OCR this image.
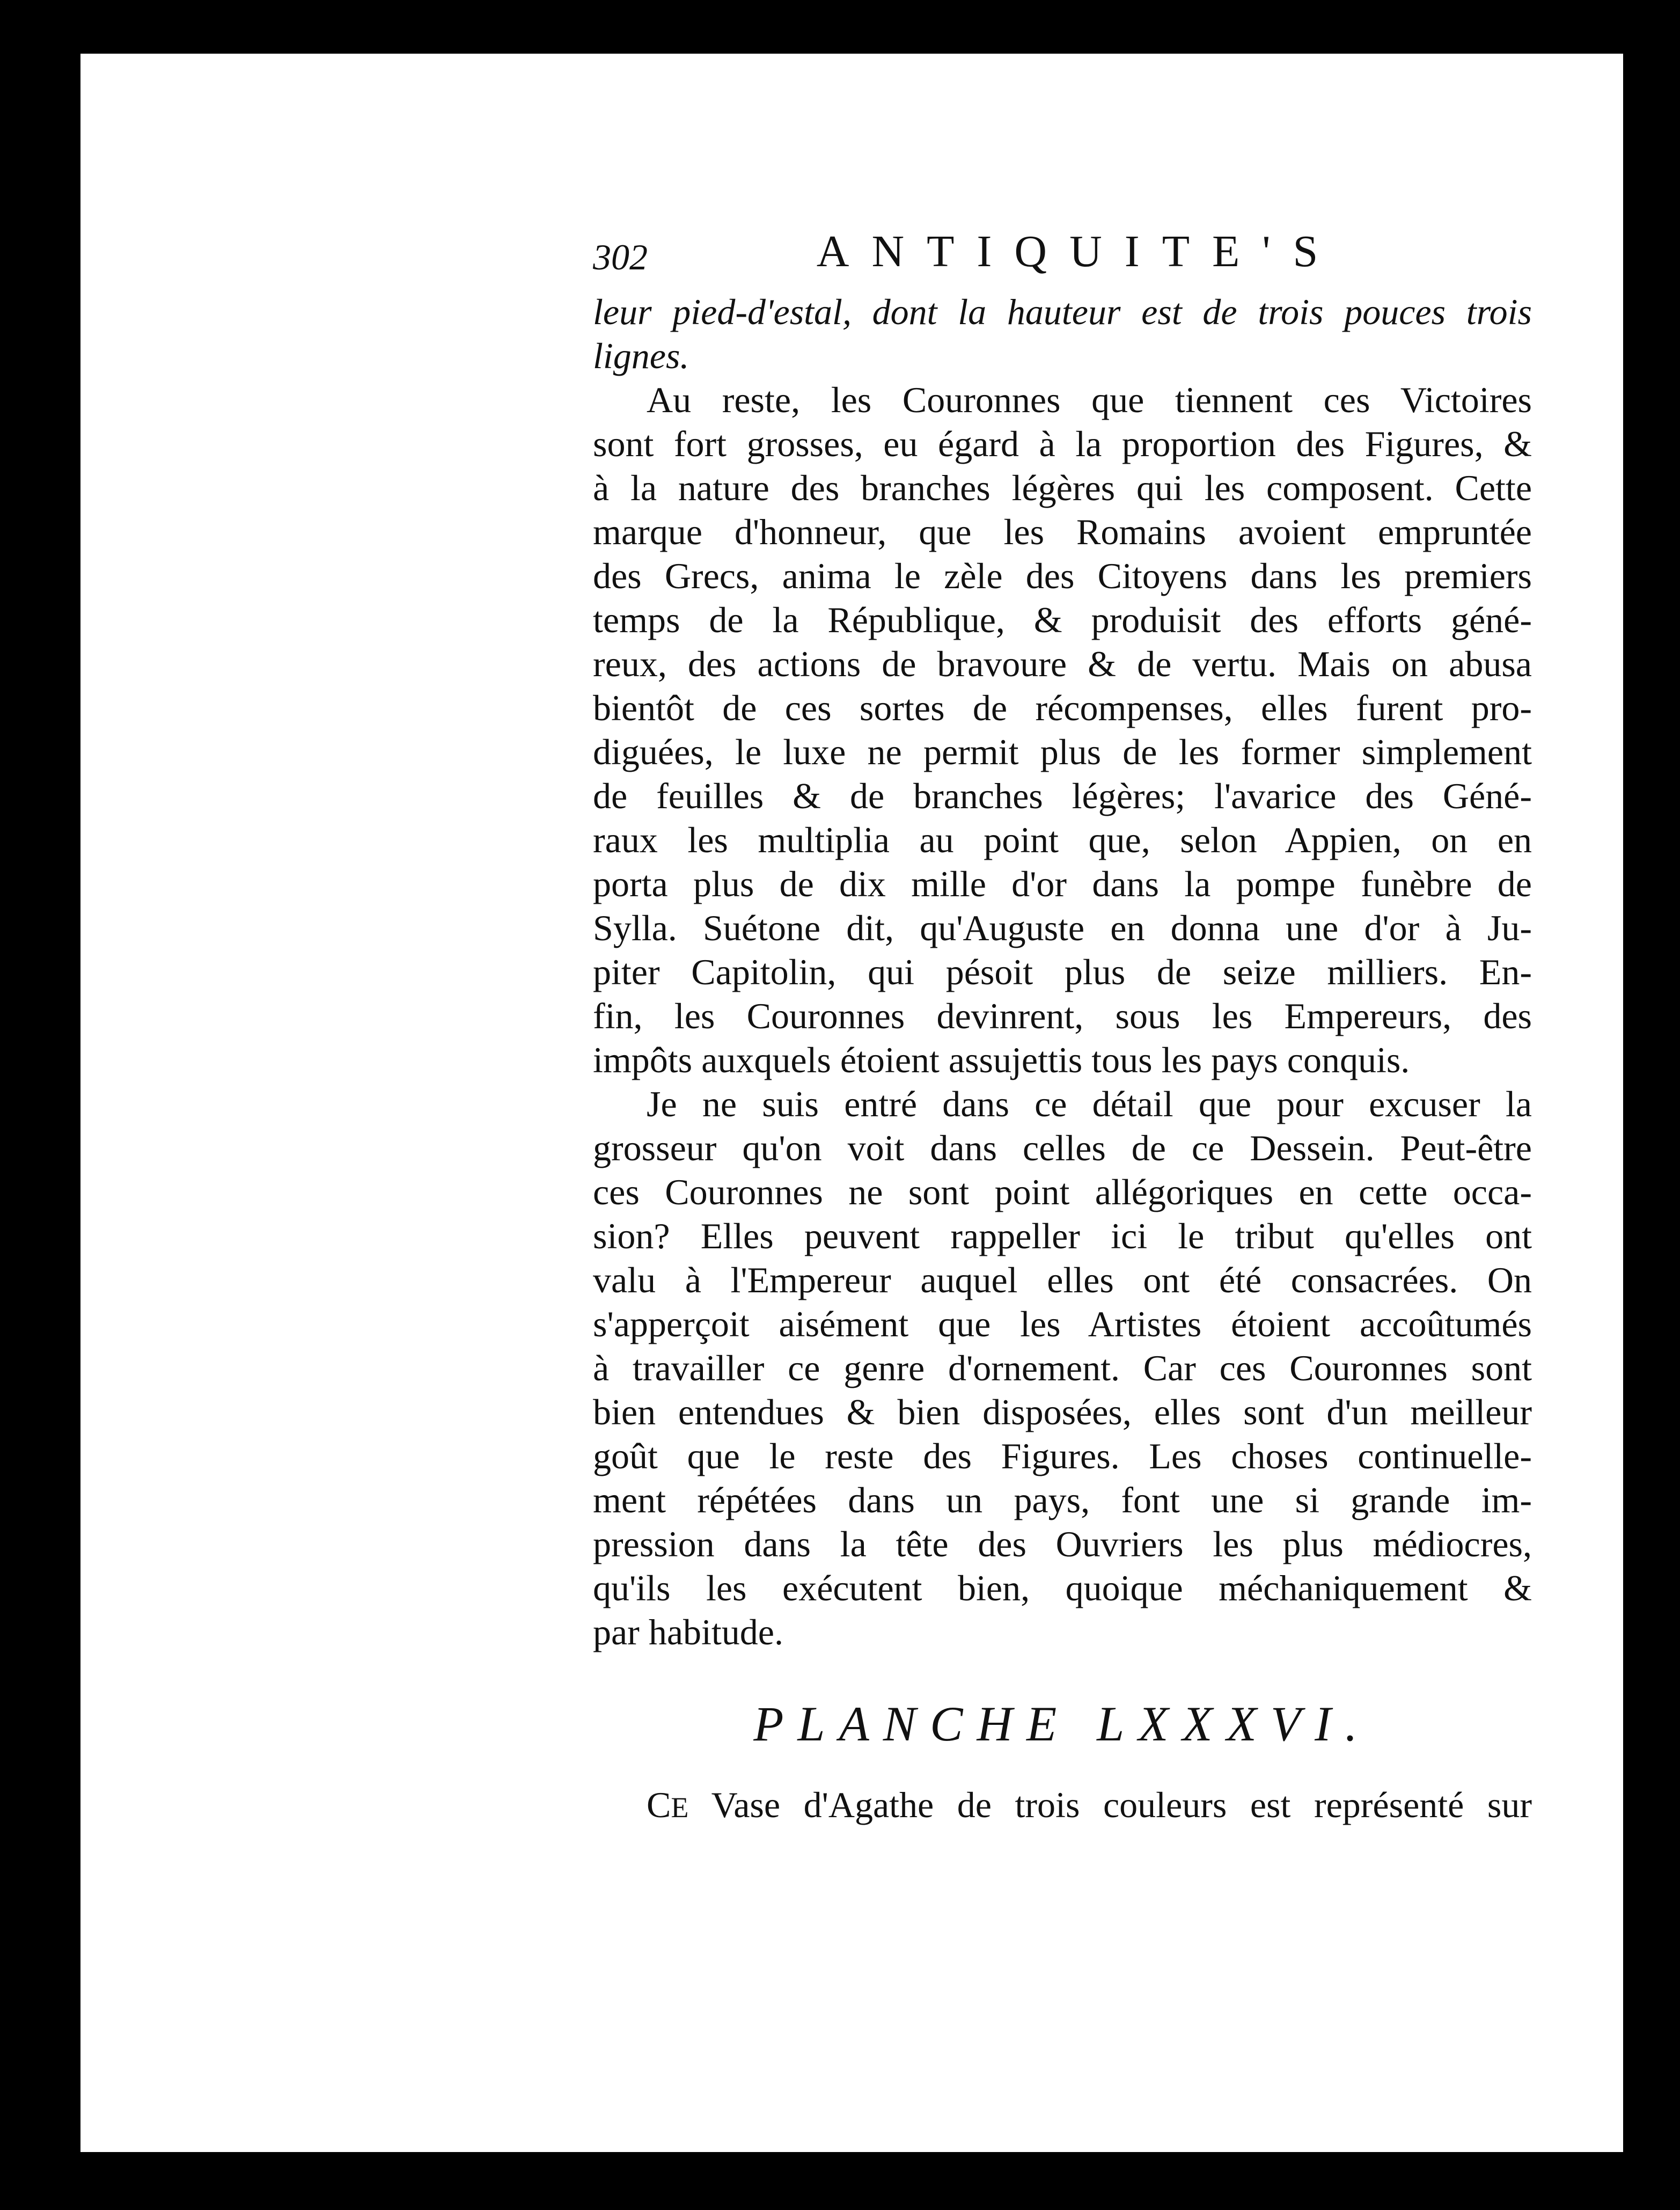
302	ANTIQUITE'S
leur pied-d'estal, dont la hauteur est de trois pouces trois
lignes.
Au reste, les Couronnes que tiennent ces Victoires
sont fort grosses, eu égard à la proportion des Figures, &
à la nature des branches légères qui les composent. Cette
marque d'honneur, que les Romains avoient empruntée
des Grecs, anima le zèle des Citoyens dans les premiers
temps de la République, & produisit des efforts géné-
reux, des actions de bravoure & de vertu. Mais on abusa
bientôt de ces sortes de récompenses, elles furent pro-
diguées, le luxe ne permit plus de les former simplement
de feuilles & de branches légères; l'avarice des Géné-
raux les multiplia au point que, selon Appien, on en
porta plus de dix mille d'or dans la pompe funèbre de
Sylla. Suétone dit, qu'Auguste en donna une d'or à Ju-
piter Capitolin, qui pésoit plus de seize milliers. En-
fin, les Couronnes devinrent, sous les Empereurs, des
impôts auxquels étoient assujettis tous les pays conquis.
Je ne suis entré dans ce détail que pour excuser la
grosseur qu'on voit dans celles de ce Dessein. Peut-être
ces Couronnes ne sont point allégoriques en cette occa-
sion? Elles peuvent rappeller ici le tribut qu'elles ont
valu à l'Empereur auquel elles ont été consacrées. On
s'apperçoit aisément que les Artistes étoient accoûtumés
à travailler ce genre d'ornement. Car ces Couronnes sont
bien entendues & bien disposées, elles sont d'un meilleur
goût que le reste des Figures. Les choses continuelle-
ment répétées dans un pays, font une si grande im-
pression dans la tête des Ouvriers les plus médiocres,
qu'ils les exécutent bien, quoique méchaniquement &
par habitude.
PLANCHE LXXXVI.
CE Vase d'Agathe de trois couleurs est représenté sur
